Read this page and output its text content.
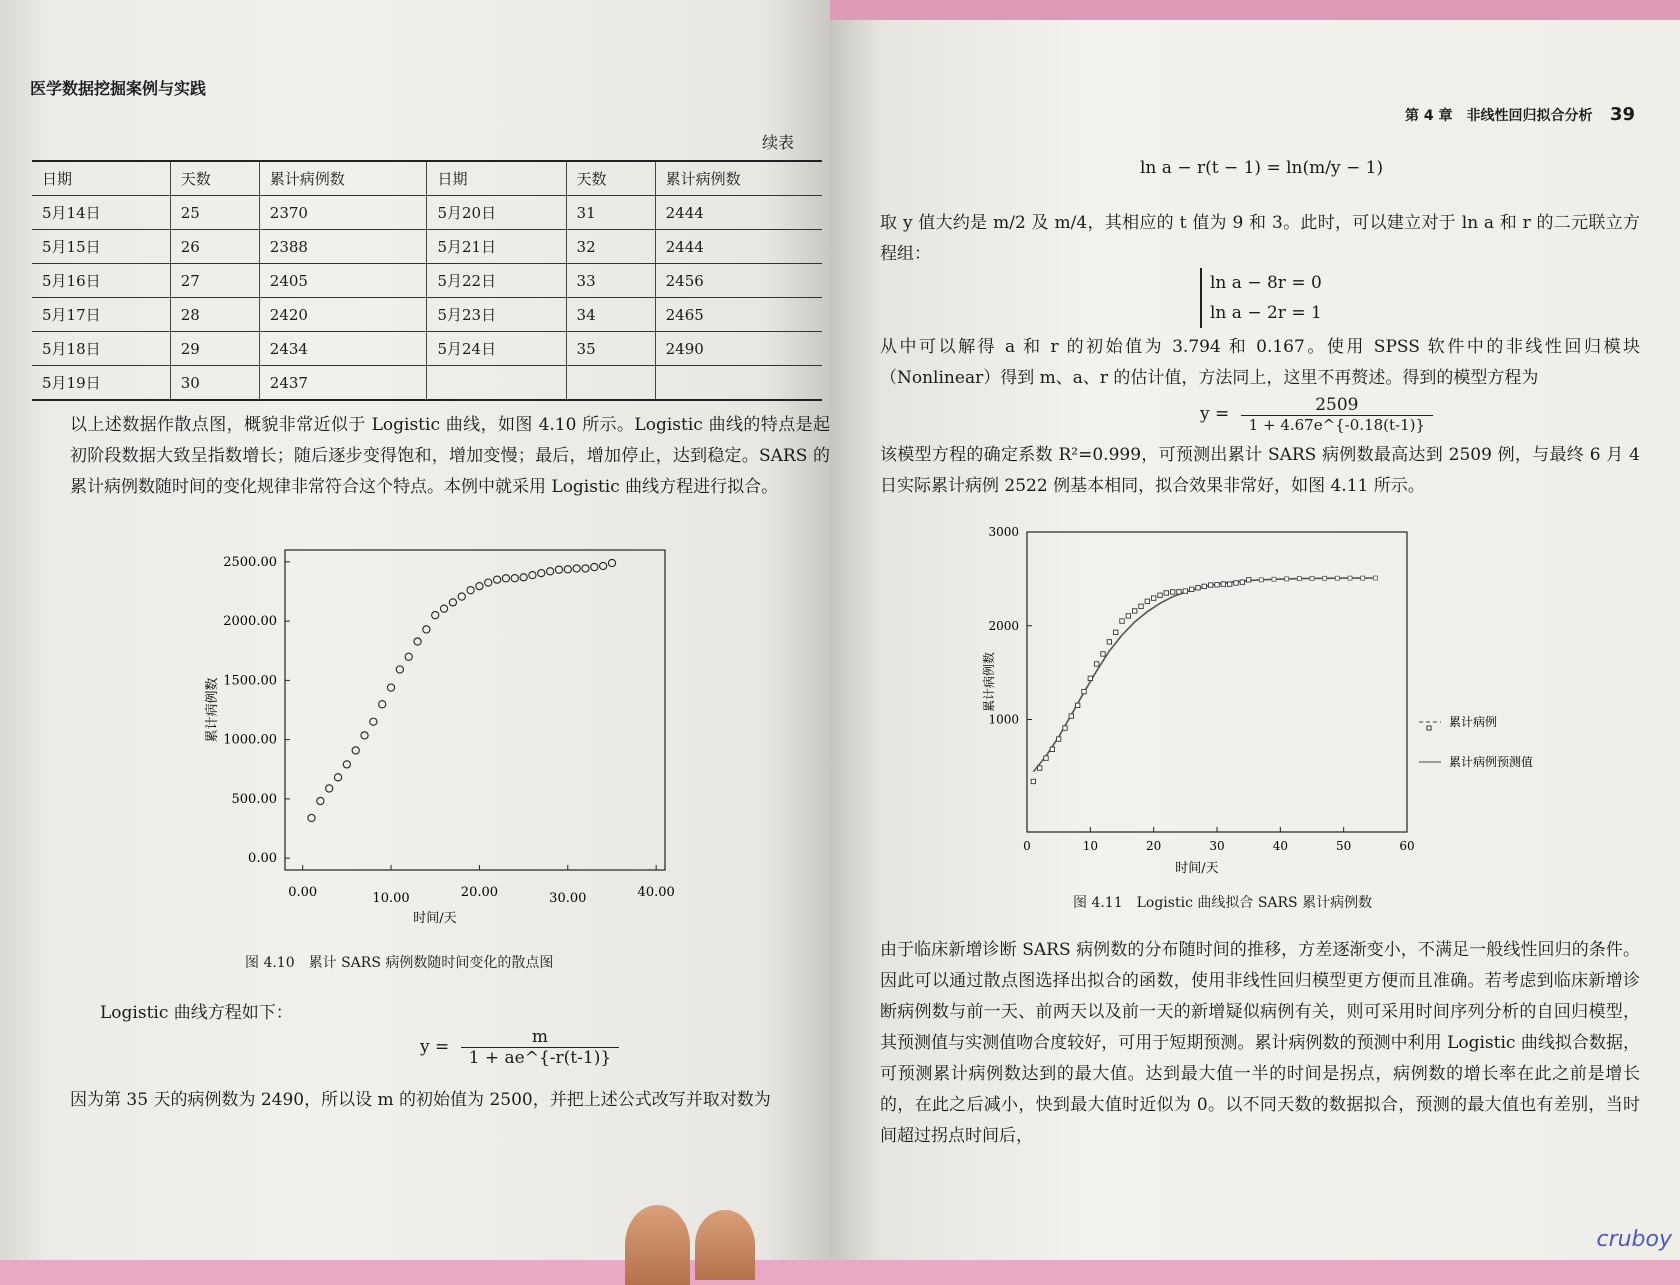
医学数据挖掘案例与实践
续表
日期	天数	累计病例数	日期	天数	累计病例数
5月14日	25	2370	5月20日	31	2444
5月15日	26	2388	5月21日	32	2444
5月16日	27	2405	5月22日	33	2456
5月17日	28	2420	5月23日	34	2465
5月18日	29	2434	5月24日	35	2490
5月19日	30	2437			
以上述数据作散点图，概貌非常近似于 Logistic 曲线，如图 4.10 所示。Logistic 曲线的特点是起初阶段数据大致呈指数增长；随后逐步变得饱和，增加变慢；最后，增加停止，达到稳定。SARS 的累计病例数随时间的变化规律非常符合这个特点。本例中就采用 Logistic 曲线方程进行拟合。
0.00	10.00	20.00	30.00	40.00
0.00
500.00
1000.00
1500.00
2000.00
2500.00
时间/天
累计病例数
图 4.10　累计 SARS 病例数随时间变化的散点图
Logistic 曲线方程如下：
$y = \frac{m}{1 + ae\^{}\{-r(t-1)\}}$
因为第 35 天的病例数为 2490，所以设 m 的初始值为 2500，并把上述公式改写并取对数为
第 4 章　非线性回归拟合分析 39
ln a − r(t − 1) = ln(m/y − 1)
取 y 值大约是 m/2 及 m/4，其相应的 t 值为 9 和 3。此时，可以建立对于 ln a 和 r 的二元联立方程组：
ln a − 8r = 0
ln a − 2r = 1
从中可以解得 a 和 r 的初始值为 3.794 和 0.167。使用 SPSS 软件中的非线性回归模块（Nonlinear）得到 m、a、r 的估计值，方法同上，这里不再赘述。得到的模型方程为
$y = \frac{2509}{1 + 4.67e\^{}\{-0.18(t-1)\}}$
该模型方程的确定系数 R²=0.999，可预测出累计 SARS 病例数最高达到 2509 例，与最终 6 月 4 日实际累计病例 2522 例基本相同，拟合效果非常好，如图 4.11 所示。
0	10	20	30	40	50	60
1000
2000
3000
时间/天
累计病例数
累计病例
累计病例预测值
图 4.11　Logistic 曲线拟合 SARS 累计病例数
由于临床新增诊断 SARS 病例数的分布随时间的推移，方差逐渐变小，不满足一般线性回归的条件。因此可以通过散点图选择出拟合的函数，使用非线性回归模型更方便而且准确。若考虑到临床新增诊断病例数与前一天、前两天以及前一天的新增疑似病例有关，则可采用时间序列分析的自回归模型，其预测值与实测值吻合度较好，可用于短期预测。累计病例数的预测中利用 Logistic 曲线拟合数据，可预测累计病例数达到的最大值。达到最大值一半的时间是拐点，病例数的增长率在此之前是增长的，在此之后减小，快到最大值时近似为 0。以不同天数的数据拟合，预测的最大值也有差别，当时间超过拐点时间后，
cruboy
